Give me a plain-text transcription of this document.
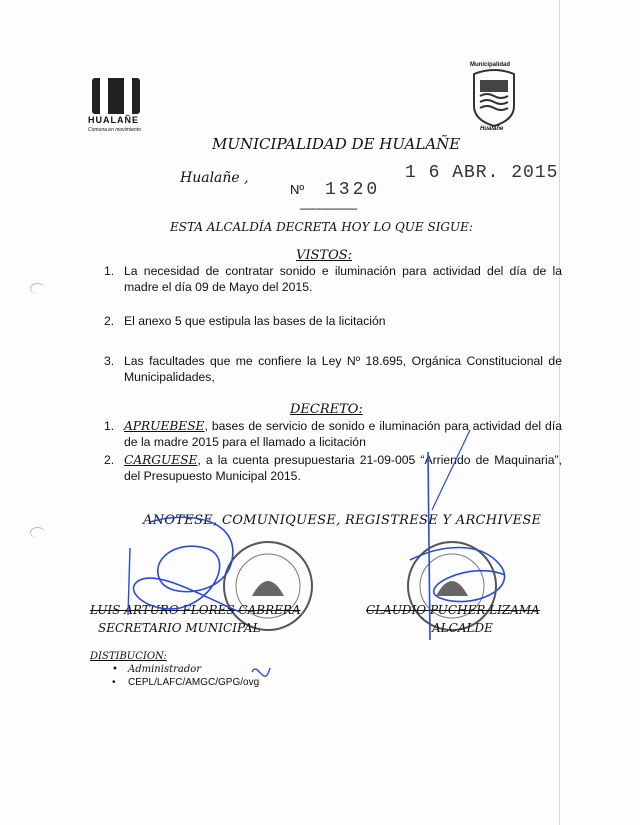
HUALAÑE
Comuna en movimiento
Municipalidad
Hualañe
MUNICIPALIDAD DE HUALAÑE
Hualañe ,	1 6 ABR. 2015
Nº
_________
1320
ESTA ALCALDÍA DECRETA HOY LO QUE SIGUE:
VISTOS:
1. La necesidad de contratar sonido e iluminación para actividad del día de la madre el día 09 de Mayo del 2015.
2. El anexo 5 que estipula las bases de la licitación
3. Las facultades que me confiere la Ley Nº 18.695, Orgánica Constitucional de Municipalidades,
DECRETO:
1. APRUEBESE, bases de servicio de sonido e iluminación para actividad del día de la madre 2015 para el llamado a licitación
2. CARGUESE, a la cuenta presupuestaria 21-09-005 “Arriendo de Maquinaria”, del Presupuesto Municipal 2015.
ANOTESE, COMUNIQUESE, REGISTRESE Y ARCHIVESE
LUIS ARTURO FLORES CABRERA
SECRETARIO MUNICIPAL
CLAUDIO PUCHER LIZAMA
ALCALDE
DISTIBUCION:
• Administrador
• CEPL/LAFC/AMGC/GPG/ovg
